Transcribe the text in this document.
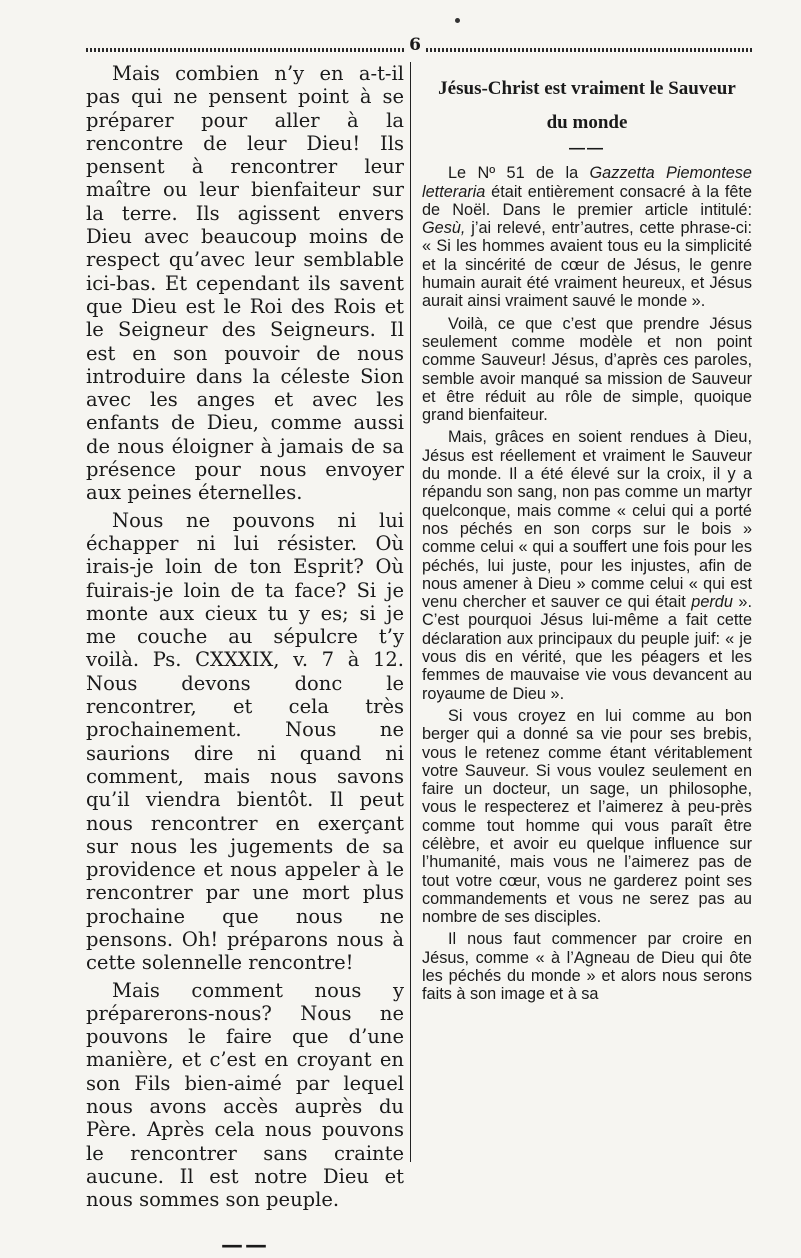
6

Mais combien n’y en a-t-il pas qui ne pensent point à se préparer pour aller à la rencontre de leur Dieu! Ils pensent à rencontrer leur maître ou leur bienfaiteur sur la terre. Ils agissent envers Dieu avec beaucoup moins de respect qu’avec leur semblable ici-bas. Et cependant ils savent que Dieu est le Roi des Rois et le Seigneur des Seigneurs. Il est en son pouvoir de nous introduire dans la céleste Sion avec les anges et avec les enfants de Dieu, comme aussi de nous éloigner à jamais de sa présence pour nous envoyer aux peines éternelles.

Nous ne pouvons ni lui échapper ni lui résister. Où irais-je loin de ton Esprit? Où fuirais-je loin de ta face? Si je monte aux cieux tu y es; si je me couche au sépulcre t’y voilà. Ps. CXXXIX, v. 7 à 12. Nous devons donc le rencontrer, et cela très prochainement. Nous ne saurions dire ni quand ni comment, mais nous savons qu’il viendra bientôt. Il peut nous rencontrer en exerçant sur nous les jugements de sa providence et nous appeler à le rencontrer par une mort plus prochaine que nous ne pensons. Oh! préparons nous à cette solennelle rencontre!

Mais comment nous y préparerons-nous? Nous ne pouvons le faire que d’une manière, et c’est en croyant en son Fils bien-aimé par lequel nous avons accès auprès du Père. Après cela nous pouvons le rencontrer sans crainte aucune. Il est notre Dieu et nous sommes son peuple.

——
Jésus-Christ est vraiment le Sauveur
du monde
——

Le Nº 51 de la Gazzetta Piemontese letteraria était entièrement consacré à la fête de Noël. Dans le premier article intitulé: Gesù, j’ai relevé, entr’autres, cette phrase-ci: « Si les hommes avaient tous eu la simplicité et la sincérité de cœur de Jésus, le genre humain aurait été vraiment heureux, et Jésus aurait ainsi vraiment sauvé le monde ».

Voilà, ce que c’est que prendre Jésus seulement comme modèle et non point comme Sauveur! Jésus, d’après ces paroles, semble avoir manqué sa mission de Sauveur et être réduit au rôle de simple, quoique grand bienfaiteur.

Mais, grâces en soient rendues à Dieu, Jésus est réellement et vraiment le Sauveur du monde. Il a été élevé sur la croix, il y a répandu son sang, non pas comme un martyr quelconque, mais comme « celui qui a porté nos péchés en son corps sur le bois » comme celui « qui a souffert une fois pour les péchés, lui juste, pour les injustes, afin de nous amener à Dieu » comme celui « qui est venu chercher et sauver ce qui était perdu ». C’est pourquoi Jésus lui-même a fait cette déclaration aux principaux du peuple juif: « je vous dis en vérité, que les péagers et les femmes de mauvaise vie vous devancent au royaume de Dieu ».

Si vous croyez en lui comme au bon berger qui a donné sa vie pour ses brebis, vous le retenez comme étant véritablement votre Sauveur. Si vous voulez seulement en faire un docteur, un sage, un philosophe, vous le respecterez et l’aimerez à peu-près comme tout homme qui vous paraît être célèbre, et avoir eu quelque influence sur l’humanité, mais vous ne l’aimerez pas de tout votre cœur, vous ne garderez point ses commandements et vous ne serez pas au nombre de ses disciples.

Il nous faut commencer par croire en Jésus, comme « à l’Agneau de Dieu qui ôte les péchés du monde » et alors nous serons faits à son image et à sa
